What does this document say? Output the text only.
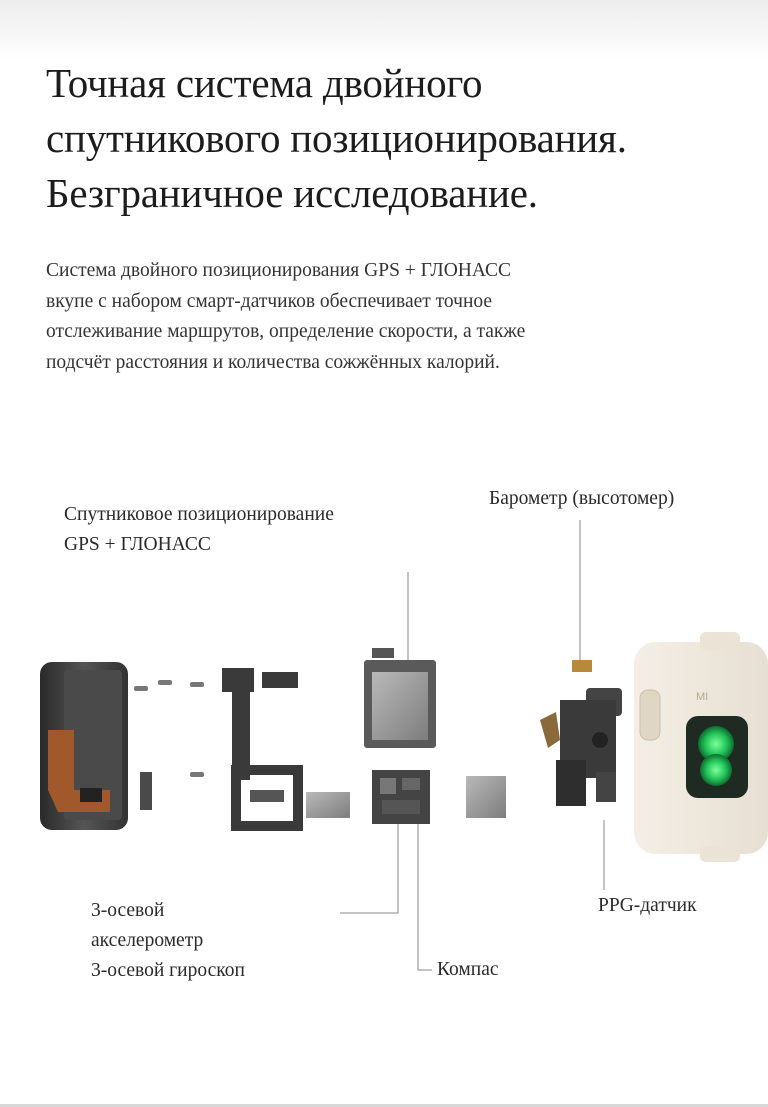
Точная система двойного
спутникового позиционирования.
Безграничное исследование.

Система двойного позиционирования GPS + ГЛОНАСС
вкупе с набором смарт-датчиков обеспечивает точное
отслеживание маршрутов, определение скорости, а также
подсчёт расстояния и количества сожжённых калорий.

MI
Спутниковое позиционирование
GPS + ГЛОНАСС
Барометр (высотомер)
3-осевой
акселерометр
3-осевой гироскоп	Компас
PPG-датчик
